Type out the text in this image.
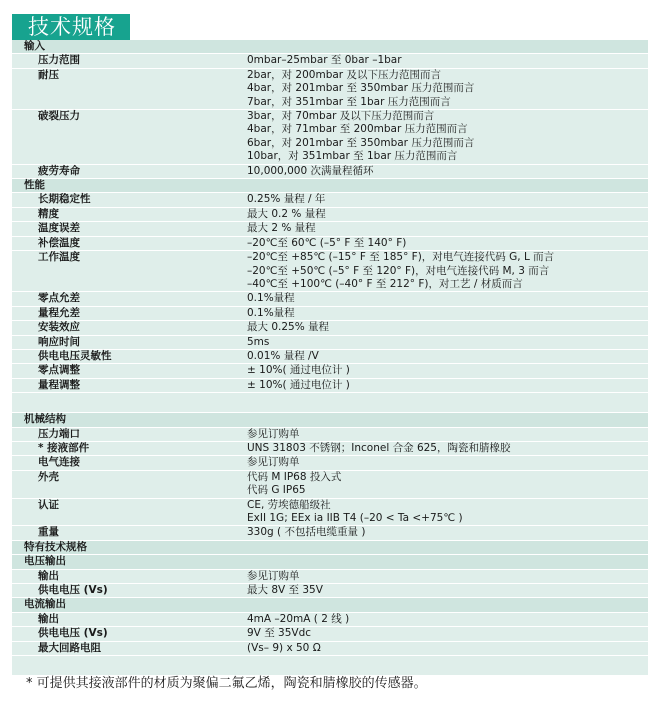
技术规格
输入
压力范围	0mbar–25mbar 至 0bar –1bar
耐压	2bar，对 200mbar 及以下压力范围而言
4bar，对 201mbar 至 350mbar 压力范围而言
7bar，对 351mbar 至 1bar 压力范围而言
破裂压力	3bar，对 70mbar 及以下压力范围而言
4bar，对 71mbar 至 200mbar 压力范围而言
6bar，对 201mbar 至 350mbar 压力范围而言
10bar，对 351mbar 至 1bar 压力范围而言
疲劳寿命	10,000,000 次满量程循环
性能
长期稳定性	0.25% 量程 / 年
精度	最大 0.2 % 量程
温度误差	最大 2 % 量程
补偿温度	–20℃至 60℃ (–5° F 至 140° F)
工作温度	–20℃至 +85℃ (–15° F 至 185° F)，对电气连接代码 G, L 而言
–20℃至 +50℃ (–5° F 至 120° F)，对电气连接代码 M, 3 而言
–40℃至 +100℃ (–40° F 至 212° F)，对工艺 / 材质而言
零点允差	0.1%量程
量程允差	0.1%量程
安装效应	最大 0.25% 量程
响应时间	5ms
供电电压灵敏性	0.01% 量程 /V
零点调整	± 10%( 通过电位计 )
量程调整	± 10%( 通过电位计 )
机械结构
压力端口	参见订购单
* 接液部件	UNS 31803 不锈钢；Inconel 合金 625，陶瓷和腈橡胶
电气连接	参见订购单
外壳	代码 M IP68 投入式
代码 G IP65
认证	CE, 劳埃德船级社
ExII 1G; EEx ia IIB T4 (–20 < Ta <+75℃ )
重量	330g ( 不包括电缆重量 )
特有技术规格
电压输出
输出	参见订购单
供电电压 (Vs)	最大 8V 至 35V
电流输出
输出	4mA –20mA ( 2 线 )
供电电压 (Vs)	9V 至 35Vdc
最大回路电阻	(Vs– 9) x 50 Ω
* 可提供其接液部件的材质为聚偏二氟乙烯，陶瓷和腈橡胶的传感器。
